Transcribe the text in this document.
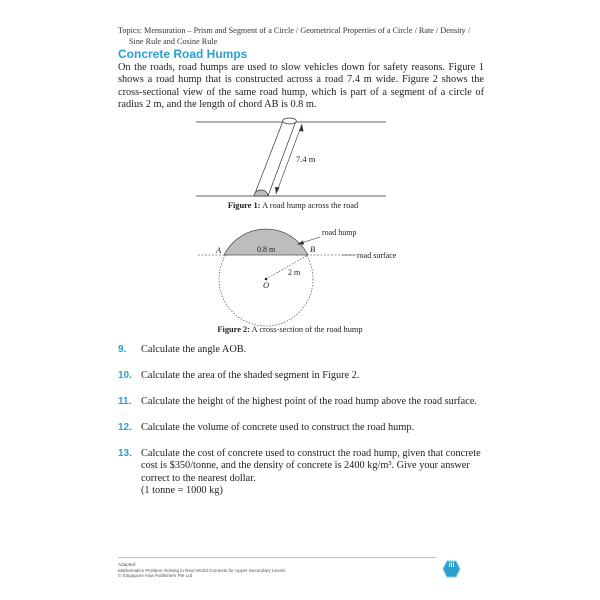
Topics: Mensuration – Prism and Segment of a Circle / Geometrical Properties of a Circle / Rate / Density /
Sine Rule and Cosine Rule
Concrete Road Humps
On the roads, road humps are used to slow vehicles down for safety reasons. Figure 1 shows a road hump that is constructed across a road 7.4 m wide. Figure 2 shows the cross-sectional view of the same road hump, which is part of a segment of a circle of radius 2 m, and the length of chord AB is 0.8 m.
7.4 m
road hump
road surface
A	B
0.8 m
2 m
O
Figure 1: A road hump across the road
Figure 2: A cross-section of the road hump
9. Calculate the angle AOB.
10. Calculate the area of the shaded segment in Figure 2.
11. Calculate the height of the highest point of the road hump above the road surface.
12. Calculate the volume of concrete used to construct the road hump.
13. Calculate the cost of concrete used to construct the road hump, given that concrete cost is $350/tonne, and the density of concrete is 2400 kg/m³. Give your answer correct to the nearest dollar.
(1 tonne = 1000 kg)
Adapted:
Mathematics Problem-Solving in Real World Contexts for Upper Secondary Levels
© Singapore Asia Publishers Pte Ltd
iii
